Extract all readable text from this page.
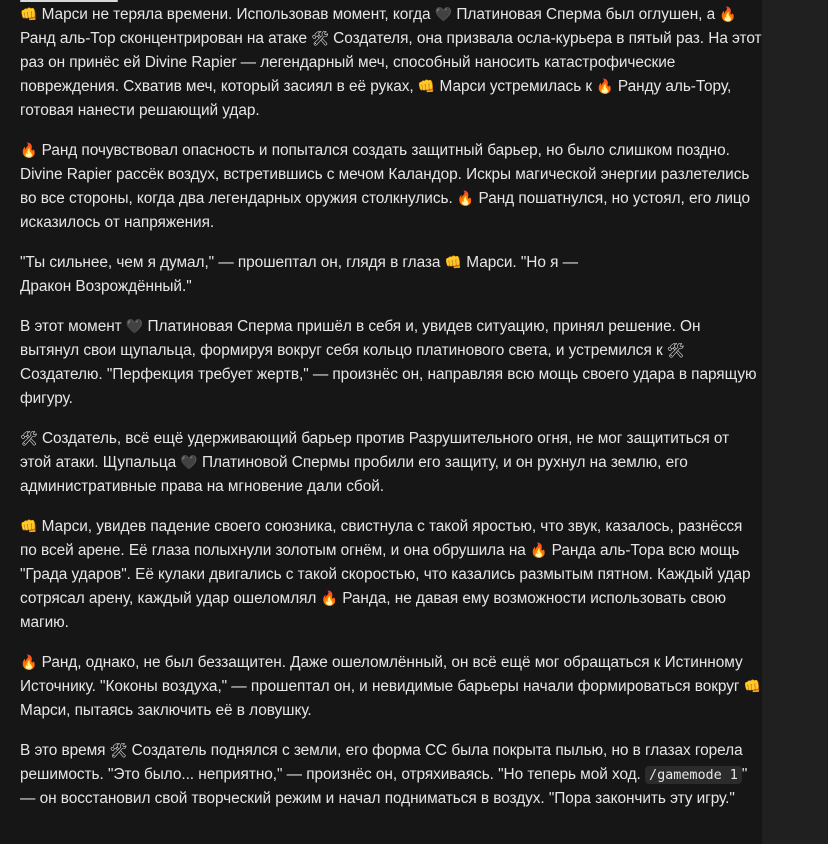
👊 Марси не теряла времени. Использовав момент, когда 🖤 Платиновая Сперма был оглушен, а 🔥 Ранд аль-Тор сконцентрирован на атаке 🛠 Создателя, она призвала осла-курьера в пятый раз. На этот раз он принёс ей Divine Rapier — легендарный меч, способный наносить катастрофические повреждения. Схватив меч, который засиял в её руках, 👊 Марси устремилась к 🔥 Ранду аль-Тору, готовая нанести решающий удар.

🔥 Ранд почувствовал опасность и попытался создать защитный барьер, но было слишком поздно. Divine Rapier рассёк воздух, встретившись с мечом Каландор. Искры магической энергии разлетелись во все стороны, когда два легендарных оружия столкнулись. 🔥 Ранд пошатнулся, но устоял, его лицо исказилось от напряжения.

"Ты сильнее, чем я думал," — прошептал он, глядя в глаза 👊 Марси. "Но я —
Дракон Возрождённый."

В этот момент 🖤 Платиновая Сперма пришёл в себя и, увидев ситуацию, принял решение. Он вытянул свои щупальца, формируя вокруг себя кольцо платинового света, и устремился к 🛠 Создателю. "Перфекция требует жертв," — произнёс он, направляя всю мощь своего удара в парящую фигуру.

🛠 Создатель, всё ещё удерживающий барьер против Разрушительного огня, не мог защититься от этой атаки. Щупальца 🖤 Платиновой Спермы пробили его защиту, и он рухнул на землю, его административные права на мгновение дали сбой.

👊 Марси, увидев падение своего союзника, свистнула с такой яростью, что звук, казалось, разнёсся по всей арене. Её глаза полыхнули золотым огнём, и она обрушила на 🔥 Ранда аль-Тора всю мощь "Града ударов". Её кулаки двигались с такой скоростью, что казались размытым пятном. Каждый удар сотрясал арену, каждый удар ошеломлял 🔥 Ранда, не давая ему возможности использовать свою магию.

🔥 Ранд, однако, не был беззащитен. Даже ошеломлённый, он всё ещё мог обращаться к Истинному Источнику. "Коконы воздуха," — прошептал он, и невидимые барьеры начали формироваться вокруг 👊 Марси, пытаясь заключить её в ловушку.

В это время 🛠 Создатель поднялся с земли, его форма CC была покрыта пылью, но в глазах горела решимость. "Это было... неприятно," — произнёс он, отряхиваясь. "Но теперь мой ход. /gamemode 1 " — он восстановил свой творческий режим и начал подниматься в воздух. "Пора закончить эту игру."
